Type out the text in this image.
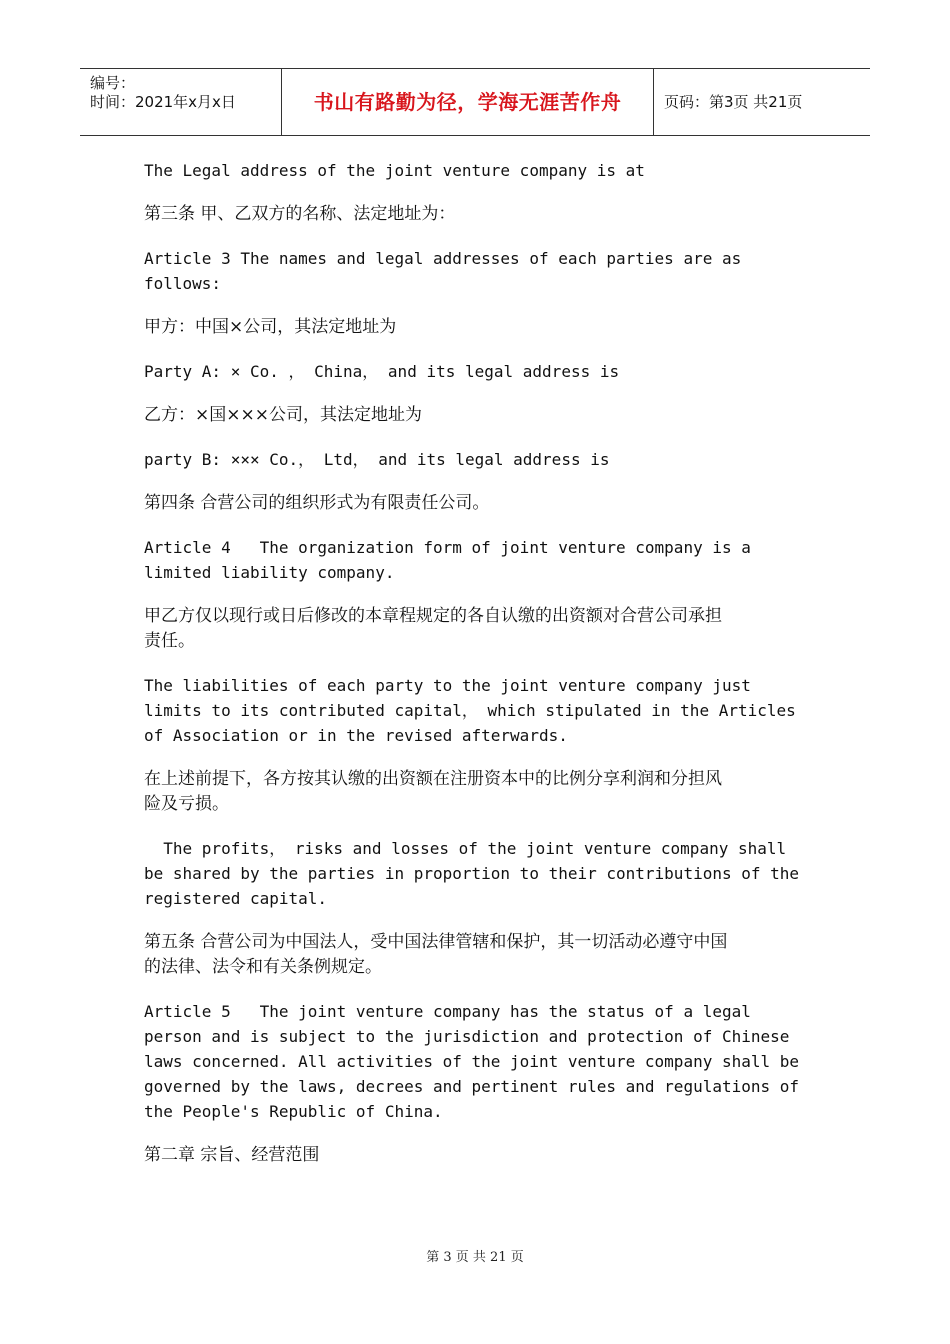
编号：
时间：2021年x月x日	书山有路勤为径，学海无涯苦作舟	页码：第3页 共21页

The Legal address of the joint venture company is at

第三条 甲、乙双方的名称、法定地址为：

Article 3 The names and legal addresses of each parties are as
follows:

甲方：中国×公司，其法定地址为

Party A: × Co. ， China， and its legal address is

乙方：×国×××公司，其法定地址为

party B: ××× Co.， Ltd， and its legal address is

第四条 合营公司的组织形式为有限责任公司。

Article 4   The organization form of joint venture company is a
limited liability company.

甲乙方仅以现行或日后修改的本章程规定的各自认缴的出资额对合营公司承担
责任。

The liabilities of each party to the joint venture company just
limits to its contributed capital， which stipulated in the Articles
of Association or in the revised afterwards.

在上述前提下，各方按其认缴的出资额在注册资本中的比例分享利润和分担风
险及亏损。

The profits， risks and losses of the joint venture company shall
be shared by the parties in proportion to their contributions of the
registered capital.

第五条 合营公司为中国法人，受中国法律管辖和保护，其一切活动必遵守中国
的法律、法令和有关条例规定。

Article 5   The joint venture company has the status of a legal
person and is subject to the jurisdiction and protection of Chinese
laws concerned. All activities of the joint venture company shall be
governed by the laws, decrees and pertinent rules and regulations of
the People's Republic of China.

第二章 宗旨、经营范围

第 3 页 共 21 页
